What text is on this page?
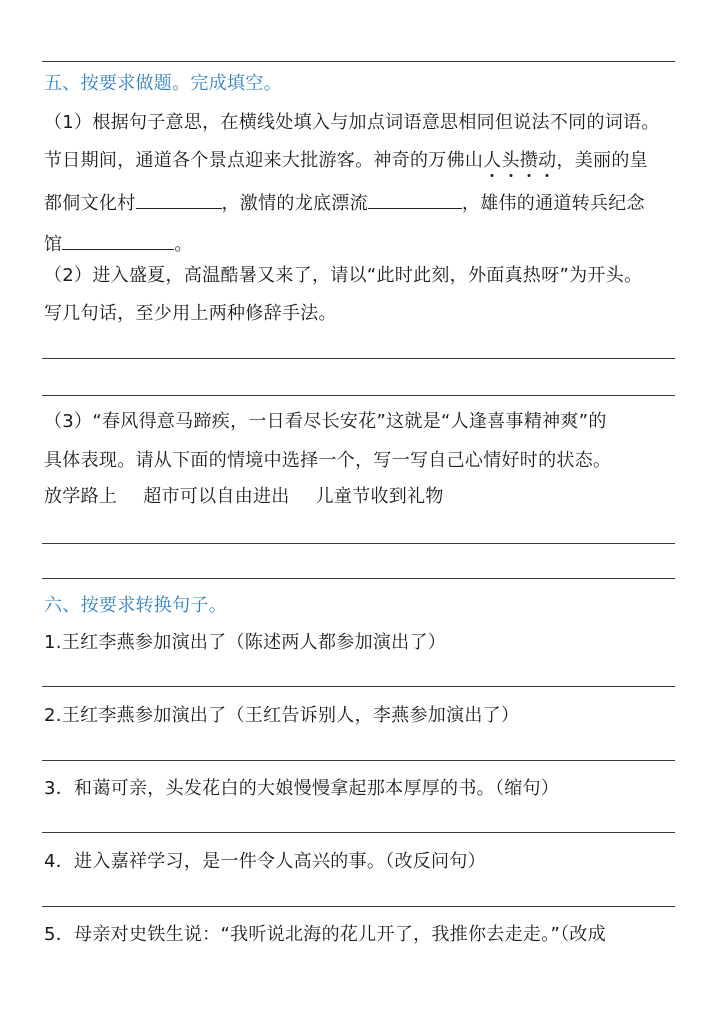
五、按要求做题。完成填空。
（1）根据句子意思，在横线处填入与加点词语意思相同但说法不同的词语。
节日期间，通道各个景点迎来大批游客。神奇的万佛山人头攒动，美丽的皇
都侗文化村	，激情的龙底漂流	，雄伟的通道转兵纪念
馆	。
（2）进入盛夏，高温酷暑又来了，请以“此时此刻，外面真热呀”为开头。
写几句话，至少用上两种修辞手法。
（3）“春风得意马蹄疾，一日看尽长安花”这就是“人逢喜事精神爽”的
具体表现。请从下面的情境中选择一个，写一写自己心情好时的状态。
放学路上 超市可以自由进出 儿童节收到礼物
六、按要求转换句子。
1.王红李燕参加演出了（陈述两人都参加演出了）
2.王红李燕参加演出了（王红告诉别人，李燕参加演出了）
3．和蔼可亲，头发花白的大娘慢慢拿起那本厚厚的书。（缩句）
4．进入嘉祥学习，是一件令人高兴的事。（改反问句）
5．母亲对史铁生说：“我听说北海的花儿开了，我推你去走走。”（改成
